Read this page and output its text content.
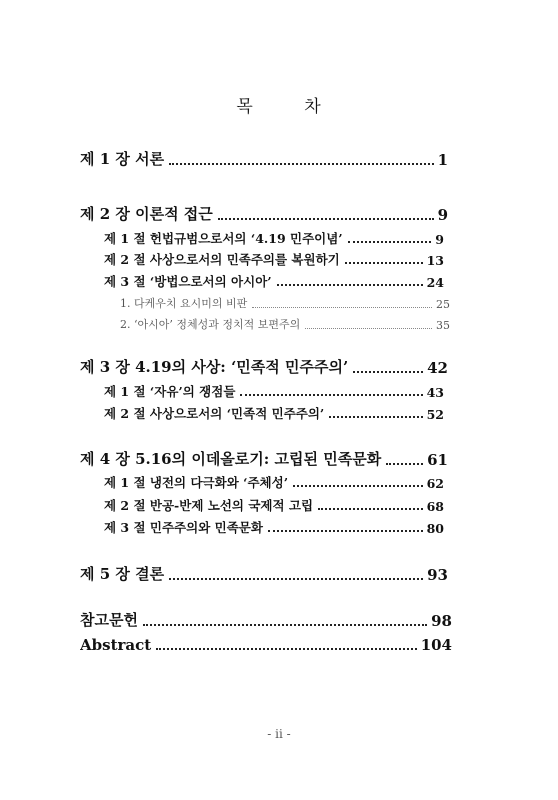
목	차
제 1 장 서론	1
제 2 장 이론적 접근	9
제 1 절 헌법규범으로서의 ‘4.19 민주이념’	9
제 2 절 사상으로서의 민족주의를 복원하기	13
제 3 절 ‘방법으로서의 아시아’	24
1. 다케우치 요시미의 비판	25
2. ‘아시아’ 정체성과 정치적 보편주의	35
제 3 장 4.19의 사상: ‘민족적 민주주의’	42
제 1 절 ‘자유’의 쟁점들	43
제 2 절 사상으로서의 ‘민족적 민주주의’	52
제 4 장 5.16의 이데올로기: 고립된 민족문화	61
제 1 절 냉전의 다극화와 ‘주체성’	62
제 2 절 반공-반제 노선의 국제적 고립	68
제 3 절 민주주의와 민족문화	80
제 5 장 결론	93
참고문헌	98
Abstract	104
- ii -
